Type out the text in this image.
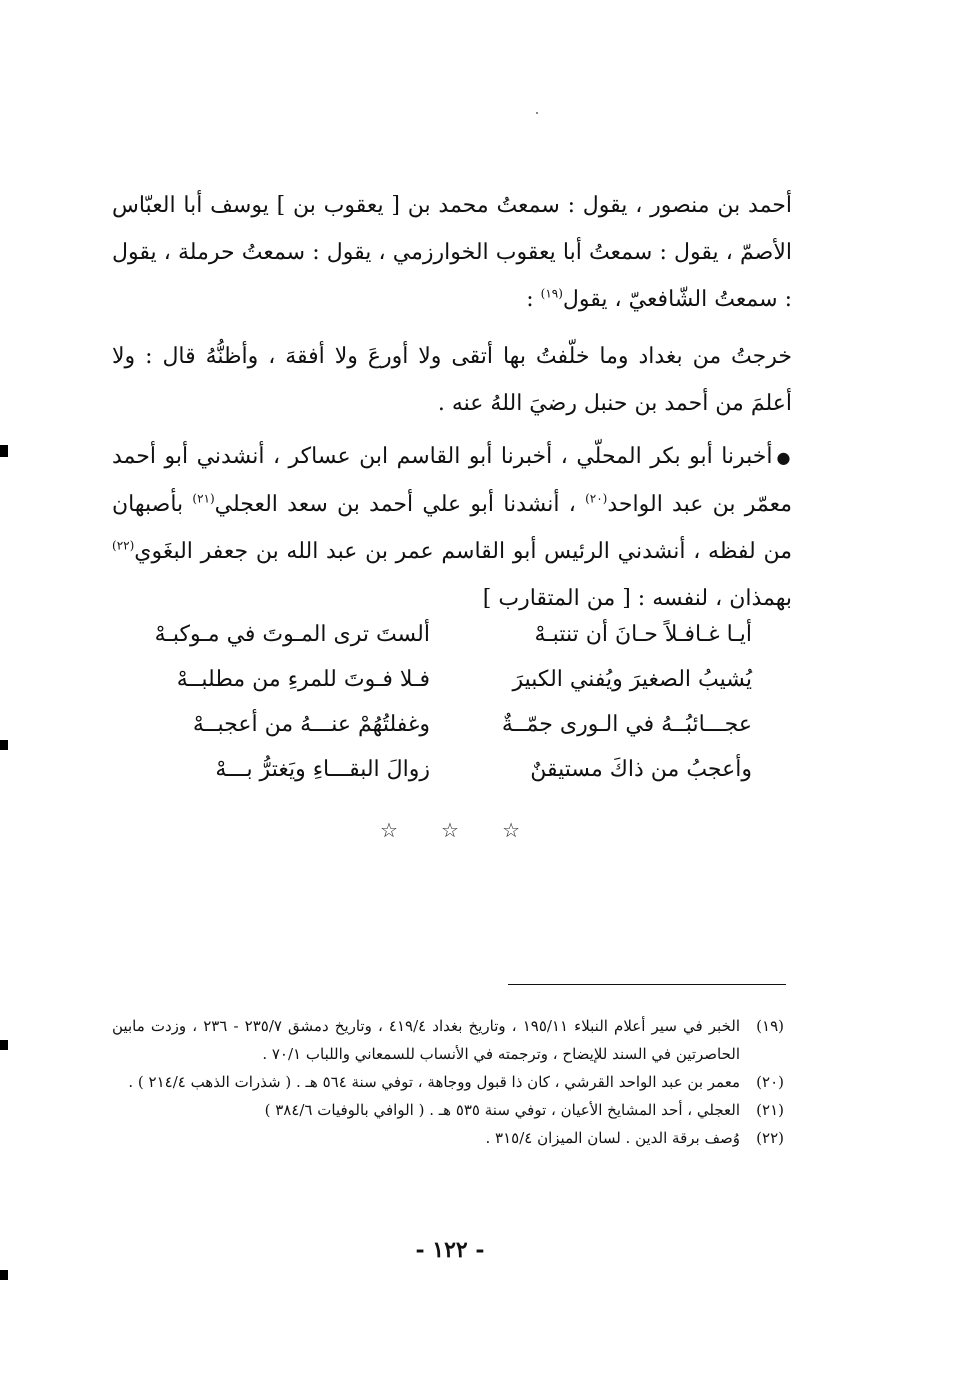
أحمد بن منصور ، يقول : سمعتُ محمد بن [ يعقوب بن ] يوسف أبا العبّاس الأصمّ ، يقول : سمعتُ أبا يعقوب الخوارزمي ، يقول : سمعتُ حرملة ، يقول : سمعتُ الشّافعيّ ، يقول$^{(١٩)}$ :
خرجتُ من بغداد وما خلّفتُ بها أتقى ولا أورعَ ولا أفقهَ ، وأظنُّهُ قال : ولا أعلمَ من أحمد بن حنبل رضيَ اللهُ عنه .
●أخبرنا أبو بكر المحلّي ، أخبرنا أبو القاسم ابن عساكر ، أنشدني أبو أحمد معمّر بن عبد الواحد$^{(٢٠)}$ ، أنشدنا أبو علي أحمد بن سعد العجلي$^{(٢١)}$ بأصبهان من لفظه ، أنشدني الرئيس أبو القاسم عمر بن عبد الله بن جعفر البغَوي$^{(٢٢)}$ بهمذان ، لنفسه : [ من المتقارب ]
أيـا غـافـلاً حـانَ أن تنتبـهْ
ألستَ ترى المـوتَ في مـوكبـهْ
يُشيبُ الصغيرَ ويُفني الكبيرَ
فـلا فـوتَ للمرءِ من مطلبــهْ
عجـــائبُــهُ في الـورى جمّــةٌ
وغفلتُهُمْ عنـــهُ من أعجبــهْ
وأعجبُ من ذاكَ مستيقنٌ
زوالَ البقـــاءِ ويَغترُّ بـــهْ
☆ ☆ ☆
(١٩)
الخبر في سير أعلام النبلاء ١٩٥/١١ ، وتاريخ بغداد ٤١٩/٤ ، وتاريخ دمشق ٢٣٥/٧ - ٢٣٦ ، وزدت مابين الحاصرتين في السند للإيضاح ، وترجمته في الأنساب للسمعاني واللباب ٧٠/١ .
(٢٠)
معمر بن عبد الواحد القرشي ، كان ذا قبول ووجاهة ، توفي سنة ٥٦٤ هـ . ( شذرات الذهب ٢١٤/٤ ) .
(٢١)
العجلي ، أحد المشايخ الأعيان ، توفي سنة ٥٣٥ هـ . ( الوافي بالوفيات ٣٨٤/٦ )
(٢٢)
وُصف برقة الدين . لسان الميزان ٣١٥/٤ .
- ١٢٢ -
